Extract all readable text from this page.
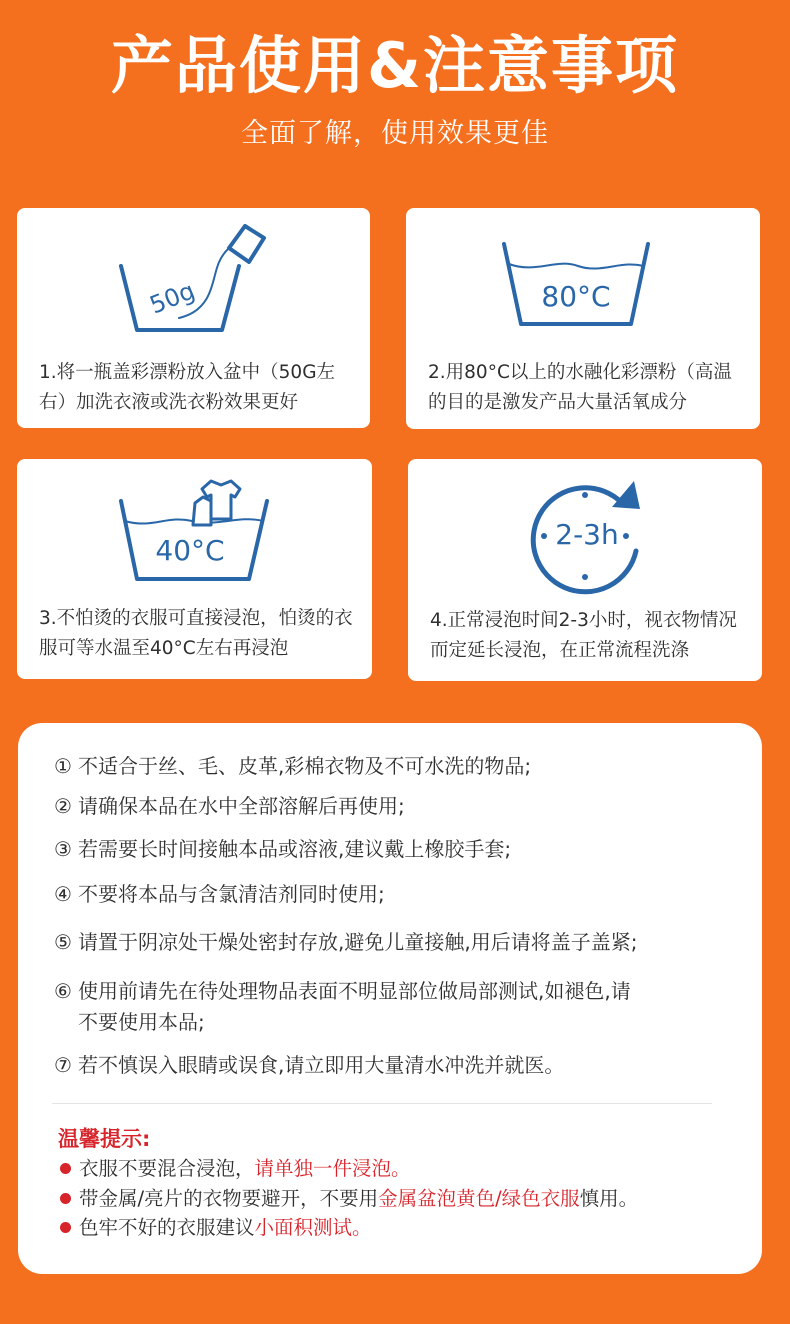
产品使用&注意事项
全面了解，使用效果更佳
50g
1.将一瓶盖彩漂粉放入盆中（50G左右）加洗衣液或洗衣粉效果更好
80°C
2.用80°C以上的水融化彩漂粉（高温的目的是激发产品大量活氧成分
40°C
3.不怕烫的衣服可直接浸泡，怕烫的衣服可等水温至40°C左右再浸泡
2-3h
4.正常浸泡时间2-3小时，视衣物情况而定延长浸泡，在正常流程洗涤
① 不适合于丝、毛、皮革,彩棉衣物及不可水洗的物品;
② 请确保本品在水中全部溶解后再使用;
③ 若需要长时间接触本品或溶液,建议戴上橡胶手套;
④ 不要将本品与含氯清洁剂同时使用;
⑤ 请置于阴凉处干燥处密封存放,避免儿童接触,用后请将盖子盖紧;
⑥ 使用前请先在待处理物品表面不明显部位做局部测试,如褪色,请
不要使用本品;
⑦ 若不慎误入眼睛或误食,请立即用大量清水冲洗并就医。
温馨提示:
衣服不要混合浸泡，请单独一件浸泡。
带金属/亮片的衣物要避开，不要用金属盆泡黄色/绿色衣服慎用。
色牢不好的衣服建议小面积测试。
